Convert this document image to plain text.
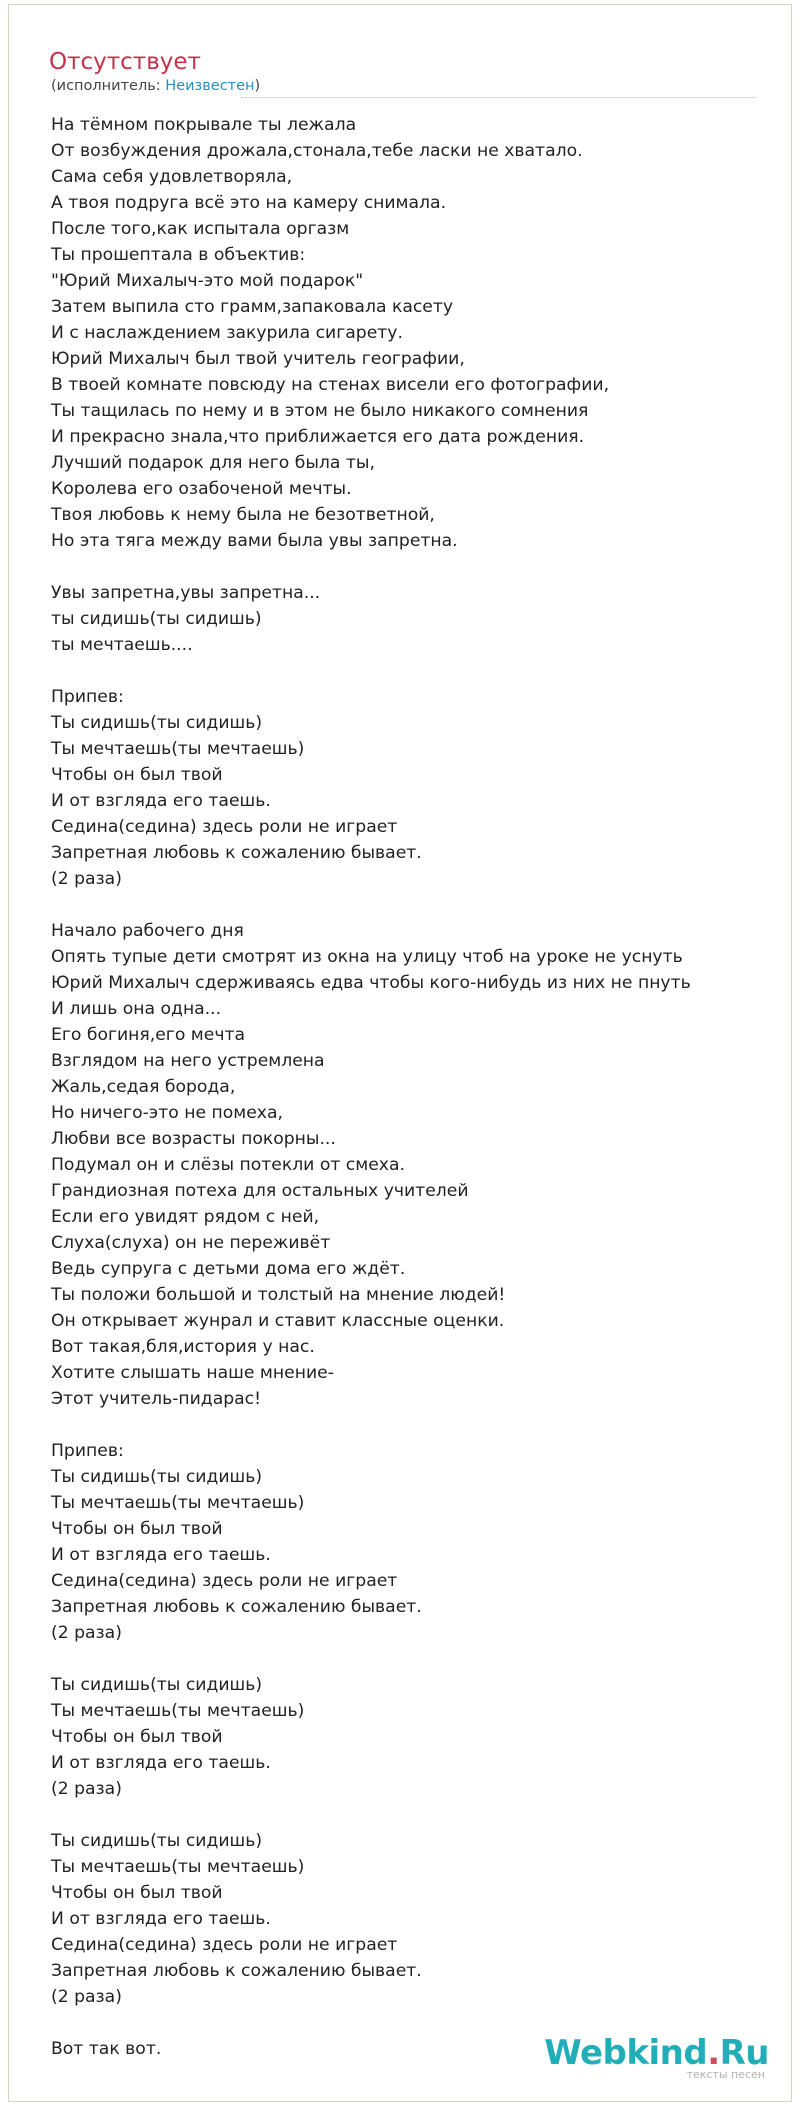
Отсутствует
(исполнитель: Неизвестен)
На тёмном покрывале ты лежала
От возбуждения дрожала,стонала,тебе ласки не хватало.
Сама себя удовлетворяла,
А твоя подруга всё это на камеру снимала.
После того,как испытала оргазм
Ты прошептала в объектив:
"Юрий Михалыч-это мой подарок"
Затем выпила сто грамм,запаковала касету
И с наслаждением закурила сигарету.
Юрий Михалыч был твой учитель географии,
В твоей комнате повсюду на стенах висели его фотографии,
Ты тащилась по нему и в этом не было никакого сомнения
И прекрасно знала,что приближается его дата рождения.
Лучший подарок для него была ты,
Королева его озабоченой мечты.
Твоя любовь к нему была не безответной,
Но эта тяга между вами была увы запретна.

Увы запретна,увы запретна...
ты сидишь(ты сидишь)
ты мечтаешь....

Припев:
Ты сидишь(ты сидишь)
Ты мечтаешь(ты мечтаешь)
Чтобы он был твой
И от взгляда его таешь.
Седина(седина) здесь роли не играет
Запретная любовь к сожалению бывает.
(2 раза)

Начало рабочего дня
Опять тупые дети смотрят из окна на улицу чтоб на уроке не уснуть
Юрий Михалыч сдерживаясь едва чтобы кого-нибудь из них не пнуть
И лишь она одна...
Его богиня,его мечта
Взглядом на него устремлена
Жаль,седая борода,
Но ничего-это не помеха,
Любви все возрасты покорны...
Подумал он и слёзы потекли от смеха.
Грандиозная потеха для остальных учителей
Если его увидят рядом с ней,
Слуха(слуха) он не переживёт
Ведь супруга с детьми дома его ждёт.
Ты положи большой и толстый на мнение людей!
Он открывает жунрал и ставит классные оценки.
Вот такая,бля,история у нас.
Хотите слышать наше мнение-
Этот учитель-пидарас!

Припев:
Ты сидишь(ты сидишь)
Ты мечтаешь(ты мечтаешь)
Чтобы он был твой
И от взгляда его таешь.
Седина(седина) здесь роли не играет
Запретная любовь к сожалению бывает.
(2 раза)

Ты сидишь(ты сидишь)
Ты мечтаешь(ты мечтаешь)
Чтобы он был твой
И от взгляда его таешь.
(2 раза)

Ты сидишь(ты сидишь)
Ты мечтаешь(ты мечтаешь)
Чтобы он был твой
И от взгляда его таешь.
Седина(седина) здесь роли не играет
Запретная любовь к сожалению бывает.
(2 раза)

Вот так вот.	Webkind.Ru
тексты песен
